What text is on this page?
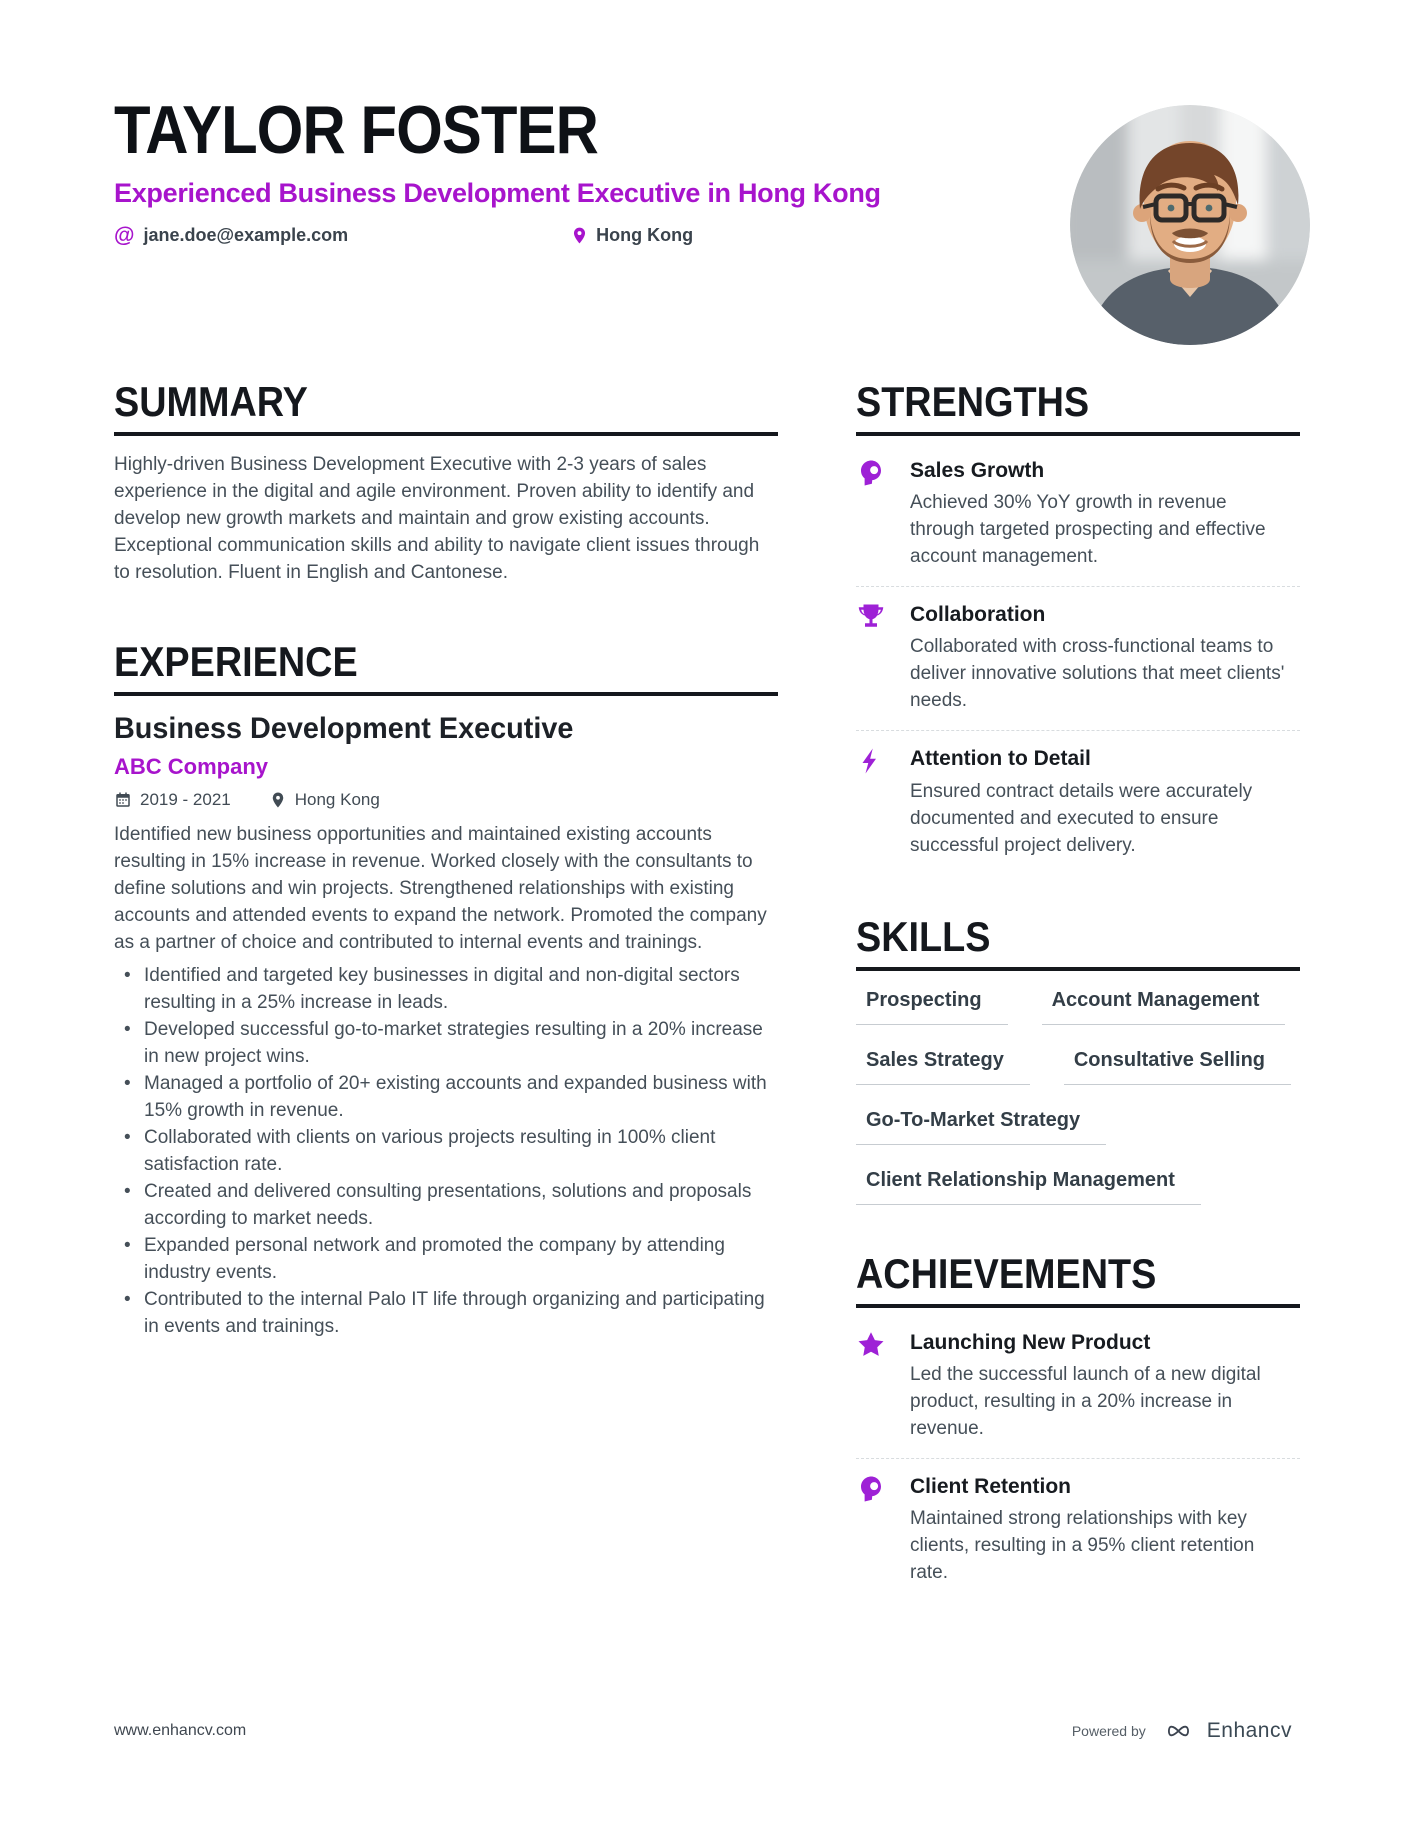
TAYLOR FOSTER
Experienced Business Development Executive in Hong Kong
@ jane.doe@example.com	Hong Kong
SUMMARY

Highly-driven Business Development Executive with 2-3 years of sales experience in the digital and agile environment. Proven ability to identify and develop new growth markets and maintain and grow existing accounts. Exceptional communication skills and ability to navigate client issues through to resolution. Fluent in English and Cantonese.

EXPERIENCE
Business Development Executive
ABC Company
2019 - 2021	Hong Kong

Identified new business opportunities and maintained existing accounts resulting in 15% increase in revenue. Worked closely with the consultants to define solutions and win projects. Strengthened relationships with existing accounts and attended events to expand the network. Promoted the company as a partner of choice and contributed to internal events and trainings.

• Identified and targeted key businesses in digital and non-digital sectors resulting in a 25% increase in leads.
• Developed successful go-to-market strategies resulting in a 20% increase in new project wins.
• Managed a portfolio of 20+ existing accounts and expanded business with 15% growth in revenue.
• Collaborated with clients on various projects resulting in 100% client satisfaction rate.
• Created and delivered consulting presentations, solutions and proposals according to market needs.
• Expanded personal network and promoted the company by attending industry events.
• Contributed to the internal Palo IT life through organizing and participating in events and trainings.
STRENGTHS
Sales Growth
Achieved 30% YoY growth in revenue through targeted prospecting and effective account management.
Collaboration
Collaborated with cross-functional teams to deliver innovative solutions that meet clients' needs.
Attention to Detail
Ensured contract details were accurately documented and executed to ensure successful project delivery.
SKILLS
Prospecting	Account Management
Sales Strategy	Consultative Selling
Go-To-Market Strategy
Client Relationship Management
ACHIEVEMENTS
Launching New Product
Led the successful launch of a new digital product, resulting in a 20% increase in revenue.
Client Retention
Maintained strong relationships with key clients, resulting in a 95% client retention rate.
www.enhancv.com	Powered by	Enhancv
